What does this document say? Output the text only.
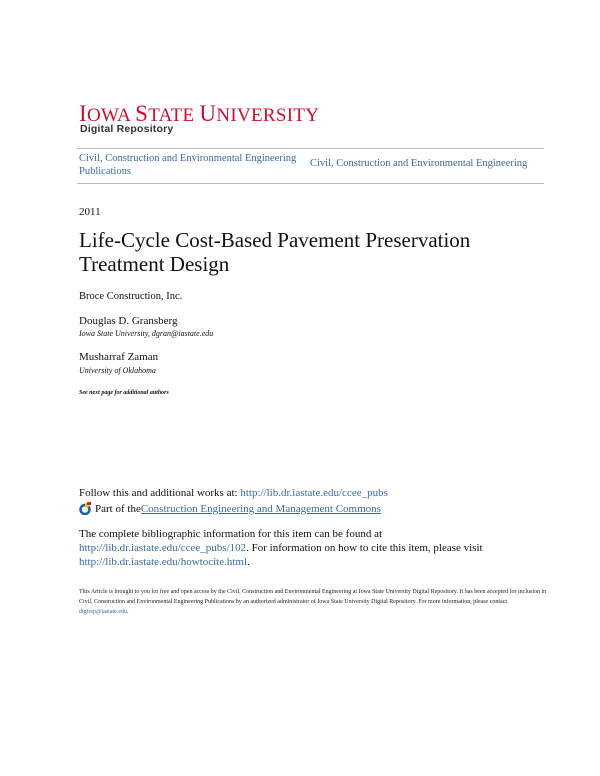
IOWA STATE UNIVERSITY
Digital Repository
Civil, Construction and Environmental Engineering Publications
Civil, Construction and Environmental Engineering
2011
Life-Cycle Cost-Based Pavement Preservation Treatment Design
Broce Construction, Inc.
Douglas D. Gransberg
Iowa State University, dgran@iastate.edu
Musharraf Zaman
University of Oklahoma
See next page for additional authors
Follow this and additional works at: http://lib.dr.iastate.edu/ccee_pubs
Part of the Construction Engineering and Management Commons
The complete bibliographic information for this item can be found at http://lib.dr.iastate.edu/ccee_pubs/102. For information on how to cite this item, please visit http://lib.dr.iastate.edu/howtocite.html.
This Article is brought to you for free and open access by the Civil, Construction and Environmental Engineering at Iowa State University Digital Repository. It has been accepted for inclusion in Civil, Construction and Environmental Engineering Publications by an authorized administrator of Iowa State University Digital Repository. For more information, please contact digirep@iastate.edu.
